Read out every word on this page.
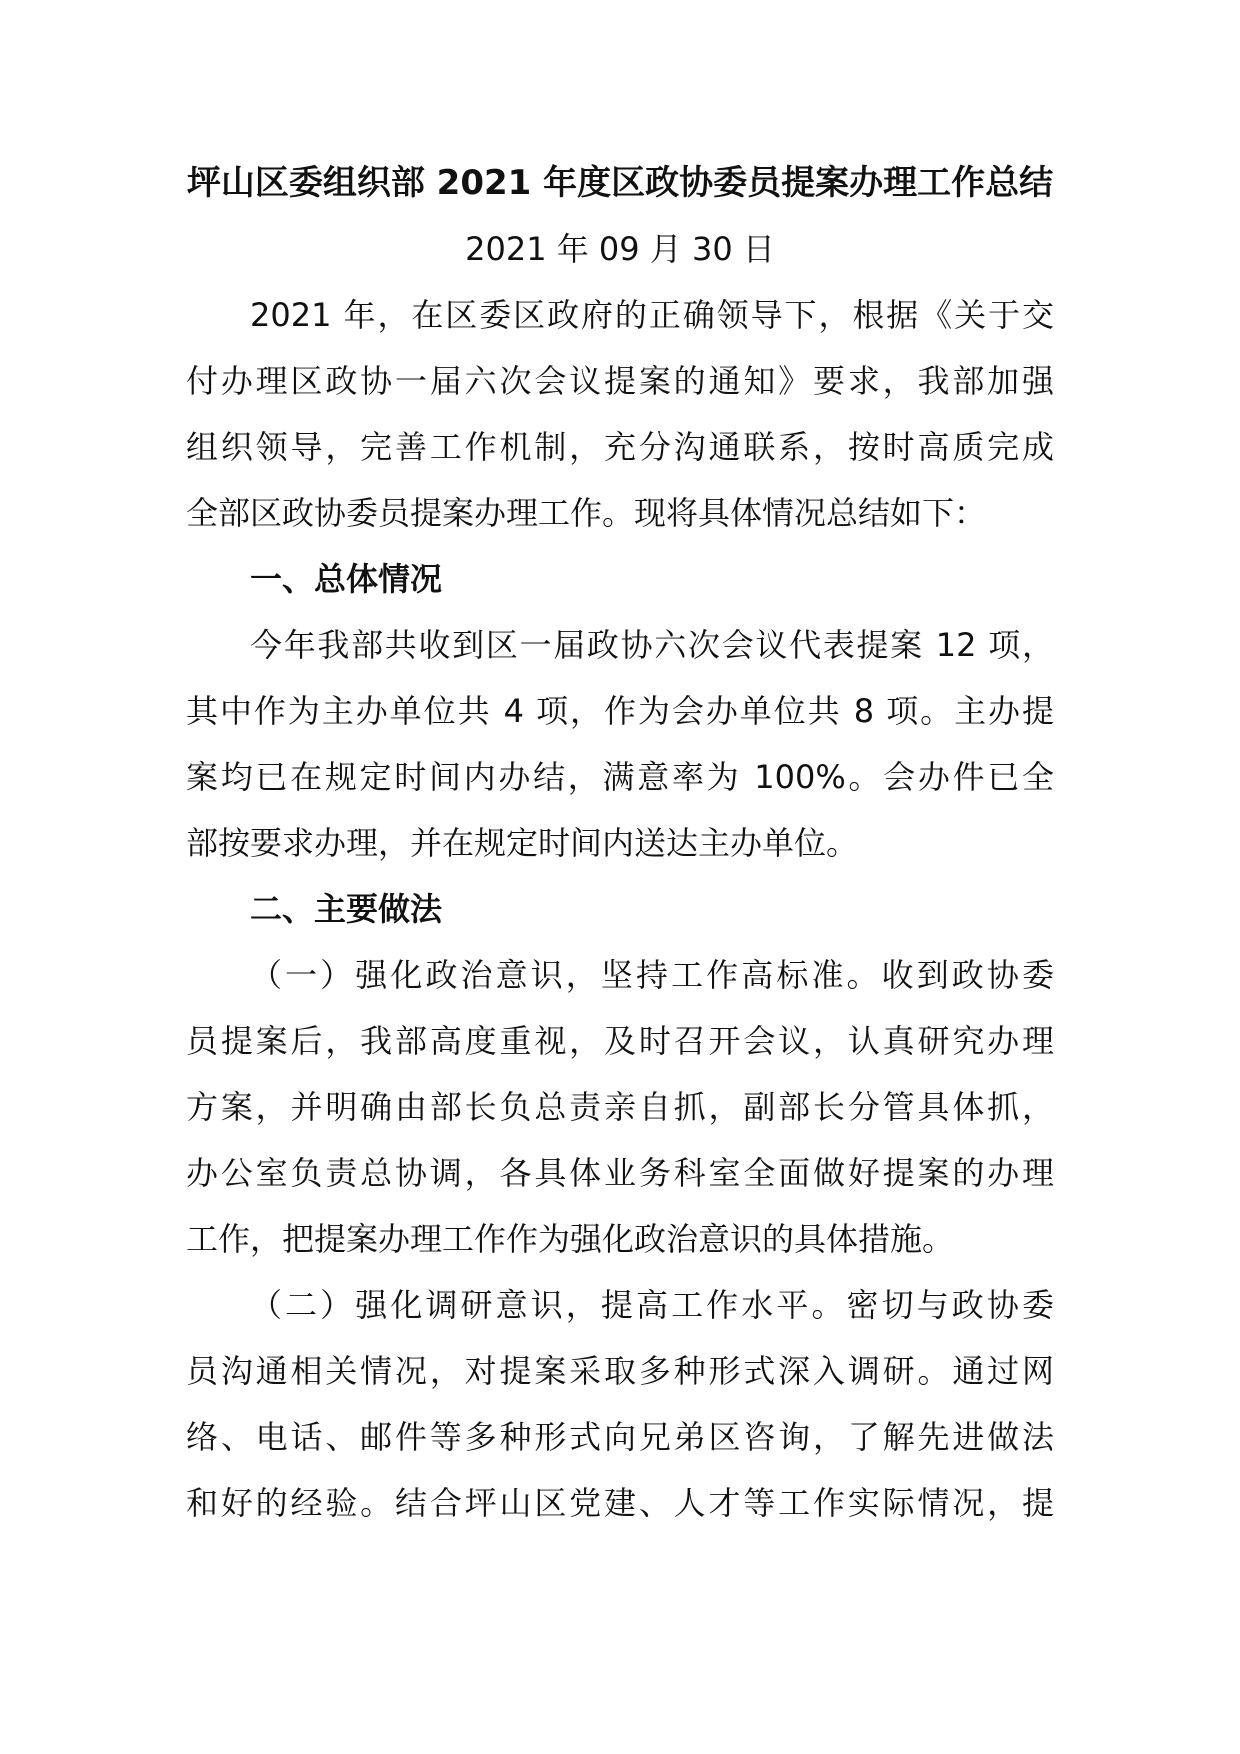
坪山区委组织部 2021 年度区政协委员提案办理工作总结
2021 年 09 月 30 日
2021 年，在区委区政府的正确领导下，根据《关于交
付办理区政协一届六次会议提案的通知》要求，我部加强
组织领导，完善工作机制，充分沟通联系，按时高质完成
全部区政协委员提案办理工作。现将具体情况总结如下：
一、总体情况
今年我部共收到区一届政协六次会议代表提案 12 项，
其中作为主办单位共 4 项，作为会办单位共 8 项。主办提
案均已在规定时间内办结，满意率为 100%。会办件已全
部按要求办理，并在规定时间内送达主办单位。
二、主要做法
（一）强化政治意识，坚持工作高标准。收到政协委
员提案后，我部高度重视，及时召开会议，认真研究办理
方案，并明确由部长负总责亲自抓，副部长分管具体抓，
办公室负责总协调，各具体业务科室全面做好提案的办理
工作，把提案办理工作作为强化政治意识的具体措施。
（二）强化调研意识，提高工作水平。密切与政协委
员沟通相关情况，对提案采取多种形式深入调研。通过网
络、电话、邮件等多种形式向兄弟区咨询，了解先进做法
和好的经验。结合坪山区党建、人才等工作实际情况，提
